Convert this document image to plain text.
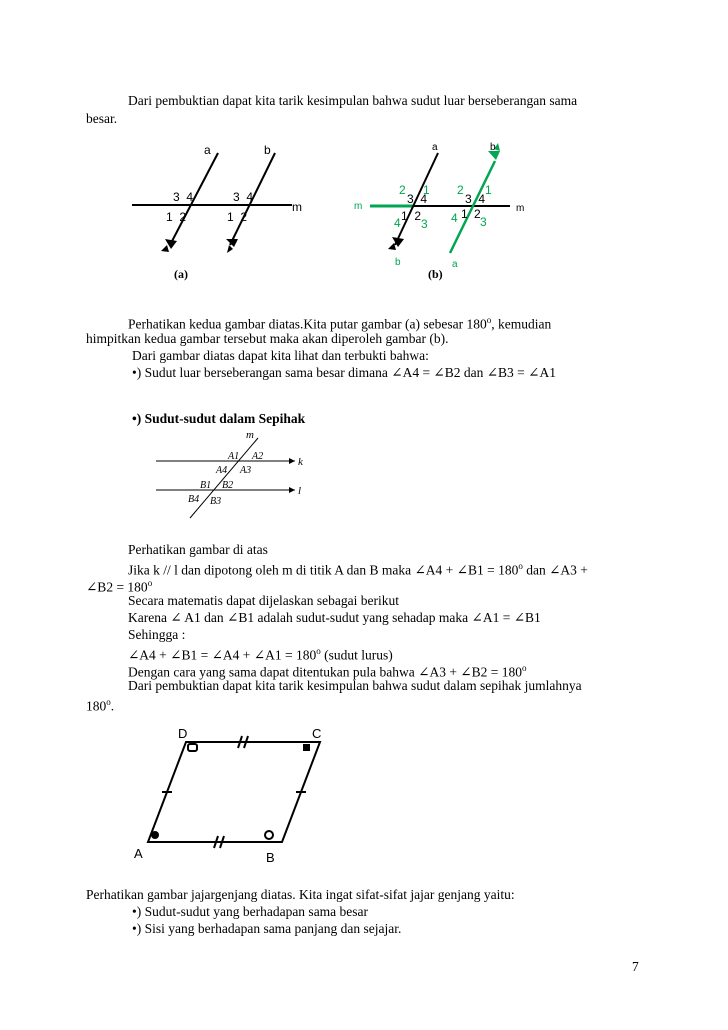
Dari pembuktian dapat kita tarik kesimpulan bahwa sudut luar berseberangan sama
besar.
a	b
m
3  4
1  2
3  4
1  2
(a)
a	b
m	m
b	a
2 1
3  4
1  2
4 3
2 1
3  4
4 1 2
3
(b)
Perhatikan kedua gambar diatas.Kita putar gambar (a) sebesar 180$^o$, kemudian
himpitkan kedua gambar tersebut maka akan diperoleh gambar (b).
Dari gambar diatas dapat kita lihat dan terbukti bahwa:
•) Sudut luar berseberangan sama besar dimana ∠A4 = ∠B2 dan ∠B3 = ∠A1
•) Sudut-sudut dalam Sepihak
m
k
l
A1 A2
A4 A3
B1 B2
B4 B3
Perhatikan gambar di atas
Jika k // l dan dipotong oleh m di titik A dan B maka ∠A4 + ∠B1 = $180^o$ dan ∠A3 +
∠B2 = $180^o$
Secara matematis dapat dijelaskan sebagai berikut
Karena ∠ A1 dan ∠B1 adalah sudut-sudut yang sehadap maka ∠A1 = ∠B1
Sehingga :
∠A4 + ∠B1 = ∠A4 + ∠A1 = $180^o$ (sudut lurus)
Dengan cara yang sama dapat ditentukan pula bahwa ∠A3 + ∠B2 = $180^o$
Dari pembuktian dapat kita tarik kesimpulan bahwa sudut dalam sepihak jumlahnya
180$^o$.
D	C
A	B
Perhatikan gambar jajargenjang diatas. Kita ingat sifat-sifat jajar genjang yaitu:
•) Sudut-sudut yang berhadapan sama besar
•) Sisi yang berhadapan sama panjang dan sejajar.
7
